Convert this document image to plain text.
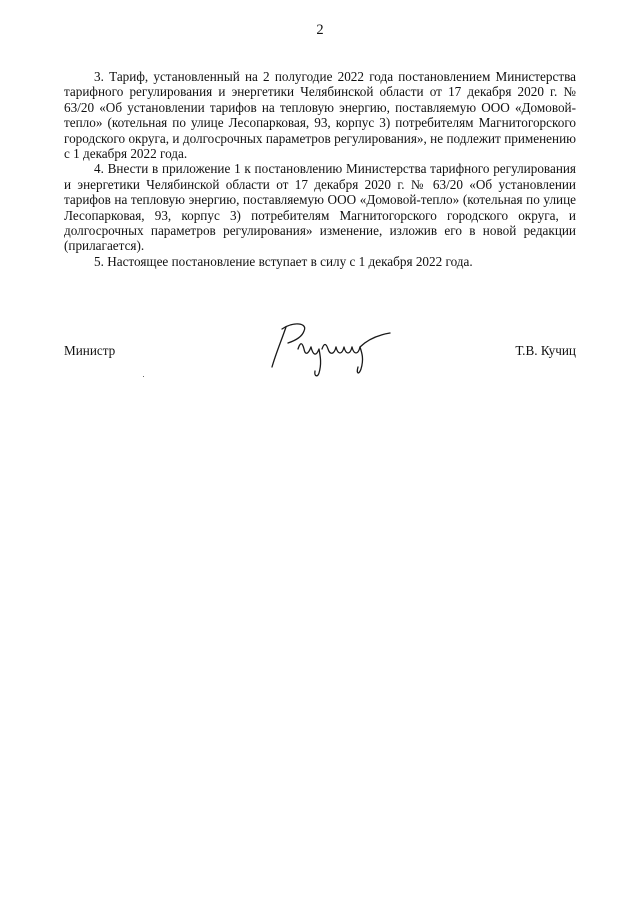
2

3. Тариф, установленный на 2 полугодие 2022 года постановлением Министерства тарифного регулирования и энергетики Челябинской области от 17 декабря 2020 г. № 63/20 «Об установлении тарифов на тепловую энергию, поставляемую ООО «Домовой-тепло» (котельная по улице Лесопарковая, 93, корпус 3) потребителям Магнитогорского городского округа, и долгосрочных параметров регулирования», не подлежит применению с 1 декабря 2022 года.

4. Внести в приложение 1 к постановлению Министерства тарифного регулирования и энергетики Челябинской области от 17 декабря 2020 г. № 63/20 «Об установлении тарифов на тепловую энергию, поставляемую ООО «Домовой-тепло» (котельная по улице Лесопарковая, 93, корпус 3) потребителям Магнитогорского городского округа, и долгосрочных параметров регулирования» изменение, изложив его в новой редакции (прилагается).

5. Настоящее постановление вступает в силу с 1 декабря 2022 года.

Министр	Т.В. Кучиц
